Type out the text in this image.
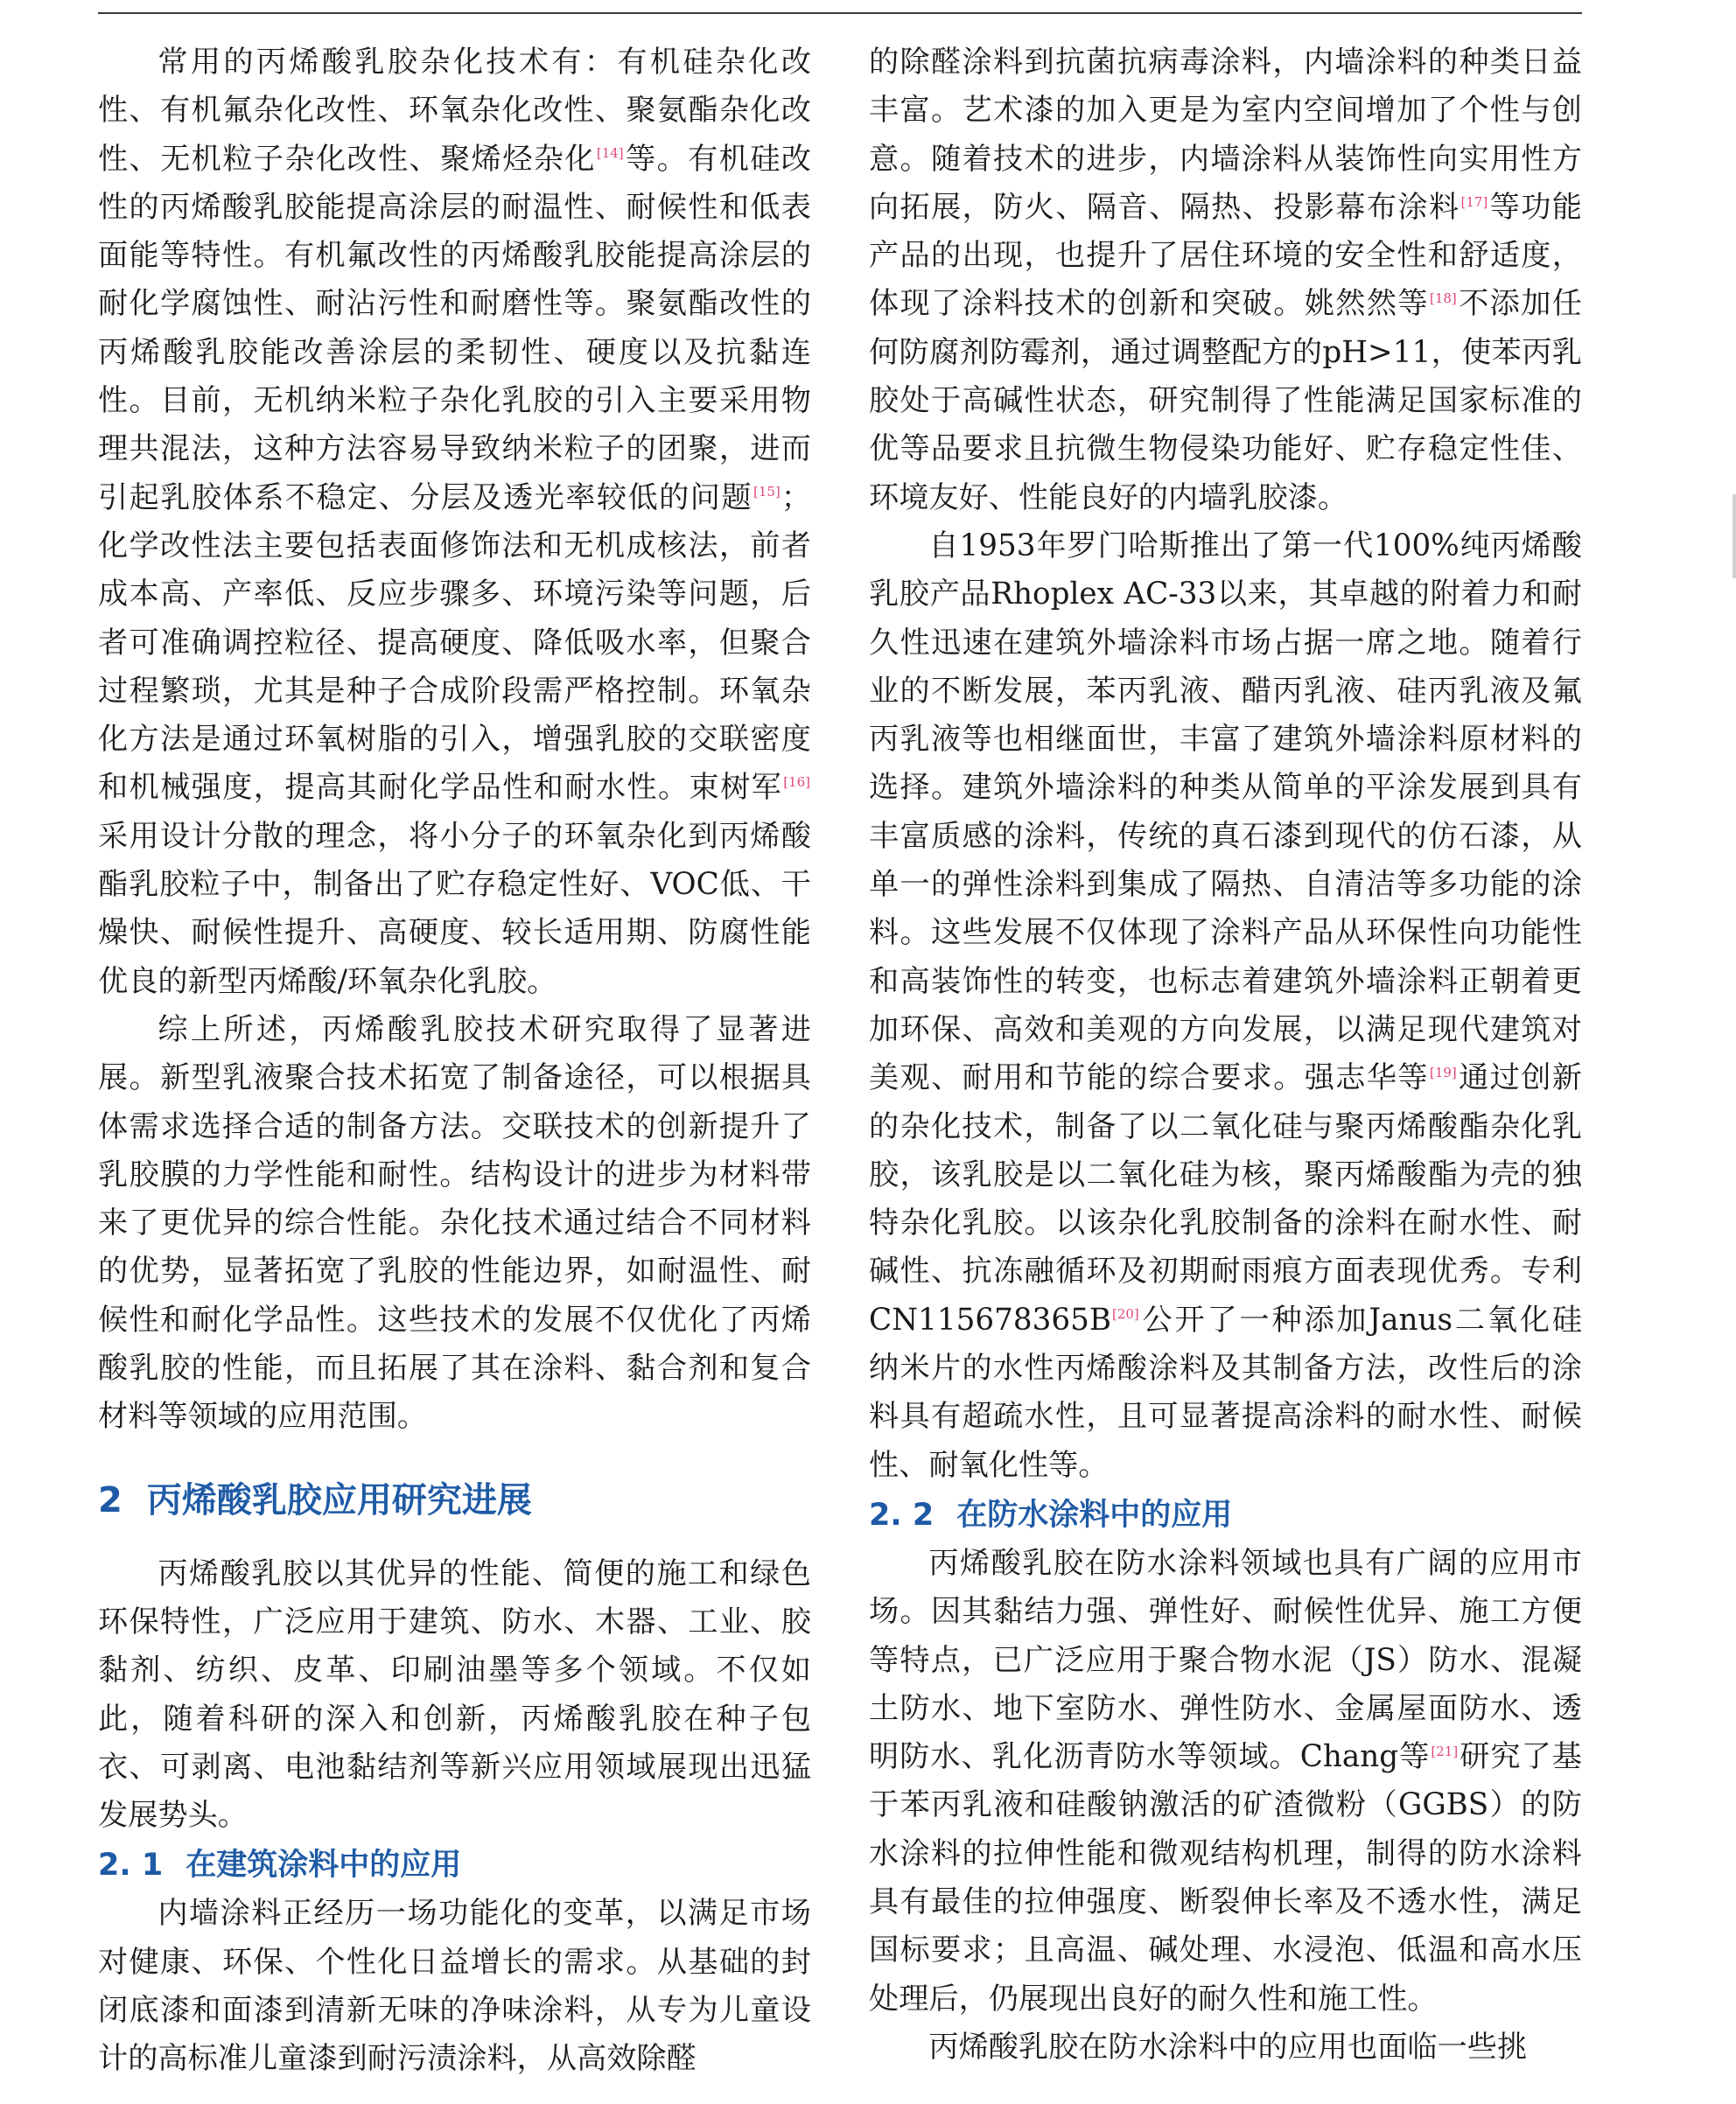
常用的丙烯酸乳胶杂化技术有：有机硅杂化改性、有机氟杂化改性、环氧杂化改性、聚氨酯杂化改性、无机粒子杂化改性、聚烯烃杂化[14]等。有机硅改性的丙烯酸乳胶能提高涂层的耐温性、耐候性和低表面能等特性。有机氟改性的丙烯酸乳胶能提高涂层的耐化学腐蚀性、耐沾污性和耐磨性等。聚氨酯改性的丙烯酸乳胶能改善涂层的柔韧性、硬度以及抗黏连性。目前，无机纳米粒子杂化乳胶的引入主要采用物理共混法，这种方法容易导致纳米粒子的团聚，进而引起乳胶体系不稳定、分层及透光率较低的问题[15]；化学改性法主要包括表面修饰法和无机成核法，前者成本高、产率低、反应步骤多、环境污染等问题，后者可准确调控粒径、提高硬度、降低吸水率，但聚合过程繁琐，尤其是种子合成阶段需严格控制。环氧杂化方法是通过环氧树脂的引入，增强乳胶的交联密度和机械强度，提高其耐化学品性和耐水性。束树军[16]采用设计分散的理念，将小分子的环氧杂化到丙烯酸酯乳胶粒子中，制备出了贮存稳定性好、VOC低、干燥快、耐候性提升、高硬度、较长适用期、防腐性能优良的新型丙烯酸/环氧杂化乳胶。

综上所述，丙烯酸乳胶技术研究取得了显著进展。新型乳液聚合技术拓宽了制备途径，可以根据具体需求选择合适的制备方法。交联技术的创新提升了乳胶膜的力学性能和耐性。结构设计的进步为材料带来了更优异的综合性能。杂化技术通过结合不同材料的优势，显著拓宽了乳胶的性能边界，如耐温性、耐候性和耐化学品性。这些技术的发展不仅优化了丙烯酸乳胶的性能，而且拓展了其在涂料、黏合剂和复合材料等领域的应用范围。

2 丙烯酸乳胶应用研究进展

丙烯酸乳胶以其优异的性能、简便的施工和绿色环保特性，广泛应用于建筑、防水、木器、工业、胶黏剂、纺织、皮革、印刷油墨等多个领域。不仅如此，随着科研的深入和创新，丙烯酸乳胶在种子包衣、可剥离、电池黏结剂等新兴应用领域展现出迅猛发展势头。

2. 1 在建筑涂料中的应用

内墙涂料正经历一场功能化的变革，以满足市场对健康、环保、个性化日益增长的需求。从基础的封闭底漆和面漆到清新无味的净味涂料，从专为儿童设计的高标准儿童漆到耐污渍涂料，从高效除醛

的除醛涂料到抗菌抗病毒涂料，内墙涂料的种类日益丰富。艺术漆的加入更是为室内空间增加了个性与创意。随着技术的进步，内墙涂料从装饰性向实用性方向拓展，防火、隔音、隔热、投影幕布涂料[17]等功能产品的出现，也提升了居住环境的安全性和舒适度，体现了涂料技术的创新和突破。姚然然等[18]不添加任何防腐剂防霉剂，通过调整配方的pH>11，使苯丙乳胶处于高碱性状态，研究制得了性能满足国家标准的优等品要求且抗微生物侵染功能好、贮存稳定性佳、环境友好、性能良好的内墙乳胶漆。

自1953年罗门哈斯推出了第一代100%纯丙烯酸乳胶产品Rhoplex AC-33以来，其卓越的附着力和耐久性迅速在建筑外墙涂料市场占据一席之地。随着行业的不断发展，苯丙乳液、醋丙乳液、硅丙乳液及氟丙乳液等也相继面世，丰富了建筑外墙涂料原材料的选择。建筑外墙涂料的种类从简单的平涂发展到具有丰富质感的涂料，传统的真石漆到现代的仿石漆，从单一的弹性涂料到集成了隔热、自清洁等多功能的涂料。这些发展不仅体现了涂料产品从环保性向功能性和高装饰性的转变，也标志着建筑外墙涂料正朝着更加环保、高效和美观的方向发展，以满足现代建筑对美观、耐用和节能的综合要求。强志华等[19]通过创新的杂化技术，制备了以二氧化硅与聚丙烯酸酯杂化乳胶，该乳胶是以二氧化硅为核，聚丙烯酸酯为壳的独特杂化乳胶。以该杂化乳胶制备的涂料在耐水性、耐碱性、抗冻融循环及初期耐雨痕方面表现优秀。专利CN115678365B[20]公开了一种添加Janus二氧化硅纳米片的水性丙烯酸涂料及其制备方法，改性后的涂料具有超疏水性，且可显著提高涂料的耐水性、耐候性、耐氧化性等。

2. 2 在防水涂料中的应用

丙烯酸乳胶在防水涂料领域也具有广阔的应用市场。因其黏结力强、弹性好、耐候性优异、施工方便等特点，已广泛应用于聚合物水泥（JS）防水、混凝土防水、地下室防水、弹性防水、金属屋面防水、透明防水、乳化沥青防水等领域。Chang等[21]研究了基于苯丙乳液和硅酸钠激活的矿渣微粉（GGBS）的防水涂料的拉伸性能和微观结构机理，制得的防水涂料具有最佳的拉伸强度、断裂伸长率及不透水性，满足国标要求；且高温、碱处理、水浸泡、低温和高水压处理后，仍展现出良好的耐久性和施工性。

丙烯酸乳胶在防水涂料中的应用也面临一些挑
